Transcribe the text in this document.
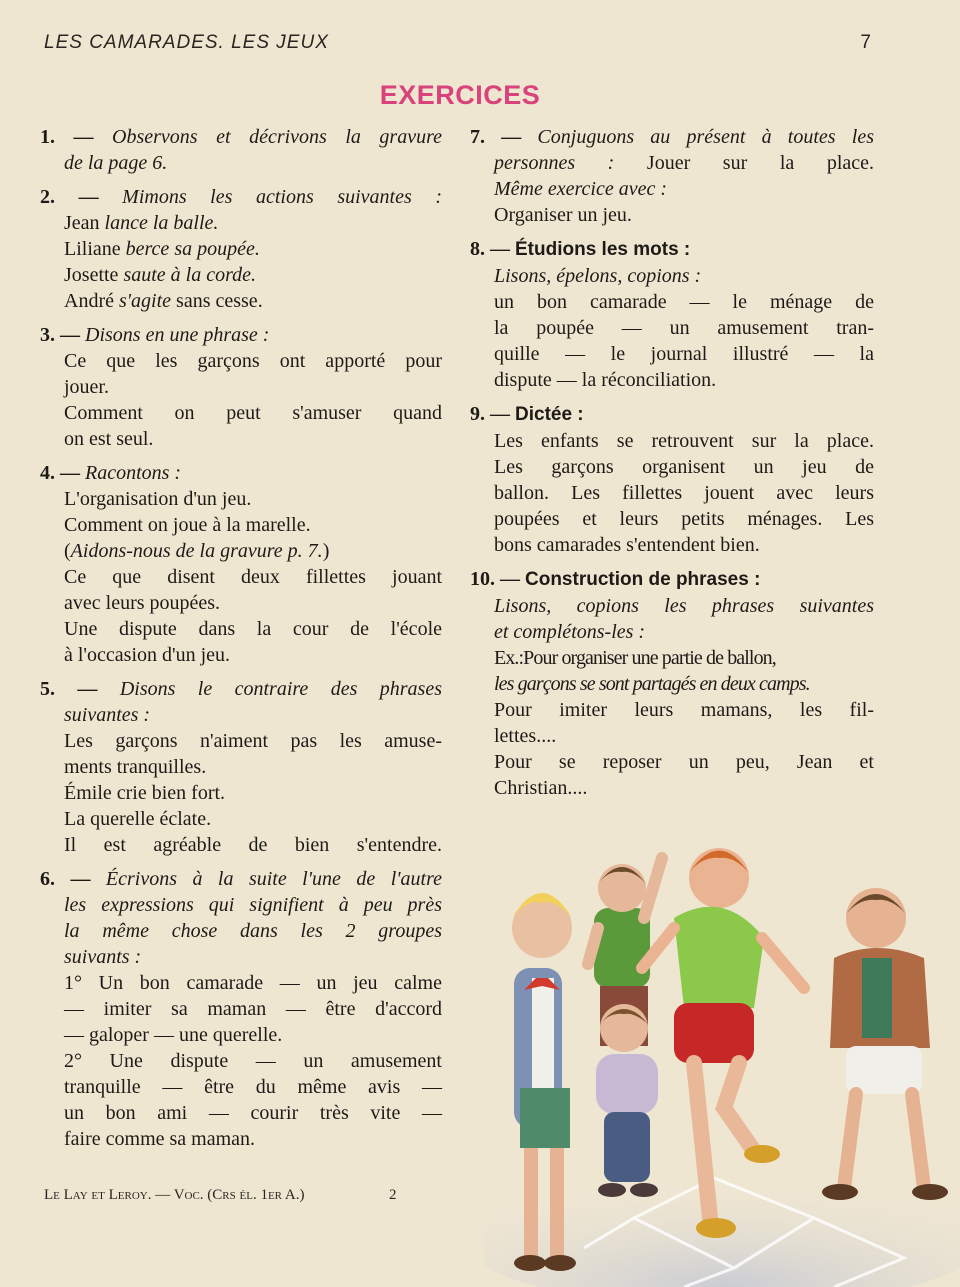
LES CAMARADES. LES JEUX	7
EXERCICES
1. — Observons et décrivons la gravure
de la page 6.
2. — Mimons les actions suivantes :
Jean lance la balle.
Liliane berce sa poupée.
Josette saute à la corde.
André s'agite sans cesse.
3. — Disons en une phrase :
Ce que les garçons ont apporté pour
jouer.
Comment on peut s'amuser quand
on est seul.
4. — Racontons :
L'organisation d'un jeu.
Comment on joue à la marelle.
(Aidons-nous de la gravure p. 7.)
Ce que disent deux fillettes jouant
avec leurs poupées.
Une dispute dans la cour de l'école
à l'occasion d'un jeu.
5. — Disons le contraire des phrases
suivantes :
Les garçons n'aiment pas les amuse-
ments tranquilles.
Émile crie bien fort.
La querelle éclate.
Il est agréable de bien s'entendre.
6. — Écrivons à la suite l'une de l'autre
les expressions qui signifient à peu près
la même chose dans les 2 groupes
suivants :
1° Un bon camarade — un jeu calme
— imiter sa maman — être d'accord
— galoper — une querelle.
2° Une dispute — un amusement
tranquille — être du même avis —
un bon ami — courir très vite —
faire comme sa maman.
7. — Conjuguons au présent à toutes les
personnes : Jouer sur la place.
Même exercice avec :
Organiser un jeu.
8. — Étudions les mots :
Lisons, épelons, copions :
un bon camarade — le ménage de
la poupée — un amusement tran-
quille — le journal illustré — la
dispute — la réconciliation.
9. — Dictée :
Les enfants se retrouvent sur la place.
Les garçons organisent un jeu de
ballon. Les fillettes jouent avec leurs
poupées et leurs petits ménages. Les
bons camarades s'entendent bien.
10. — Construction de phrases :
Lisons, copions les phrases suivantes
et complétons-les :
Ex.:Pour organiser une partie de ballon,
les garçons se sont partagés en deux camps.
Pour imiter leurs mamans, les fil-
lettes....
Pour se reposer un peu, Jean et
Christian....
Le Lay et Leroy. — Voc. (Crs él. 1er A.)	2
